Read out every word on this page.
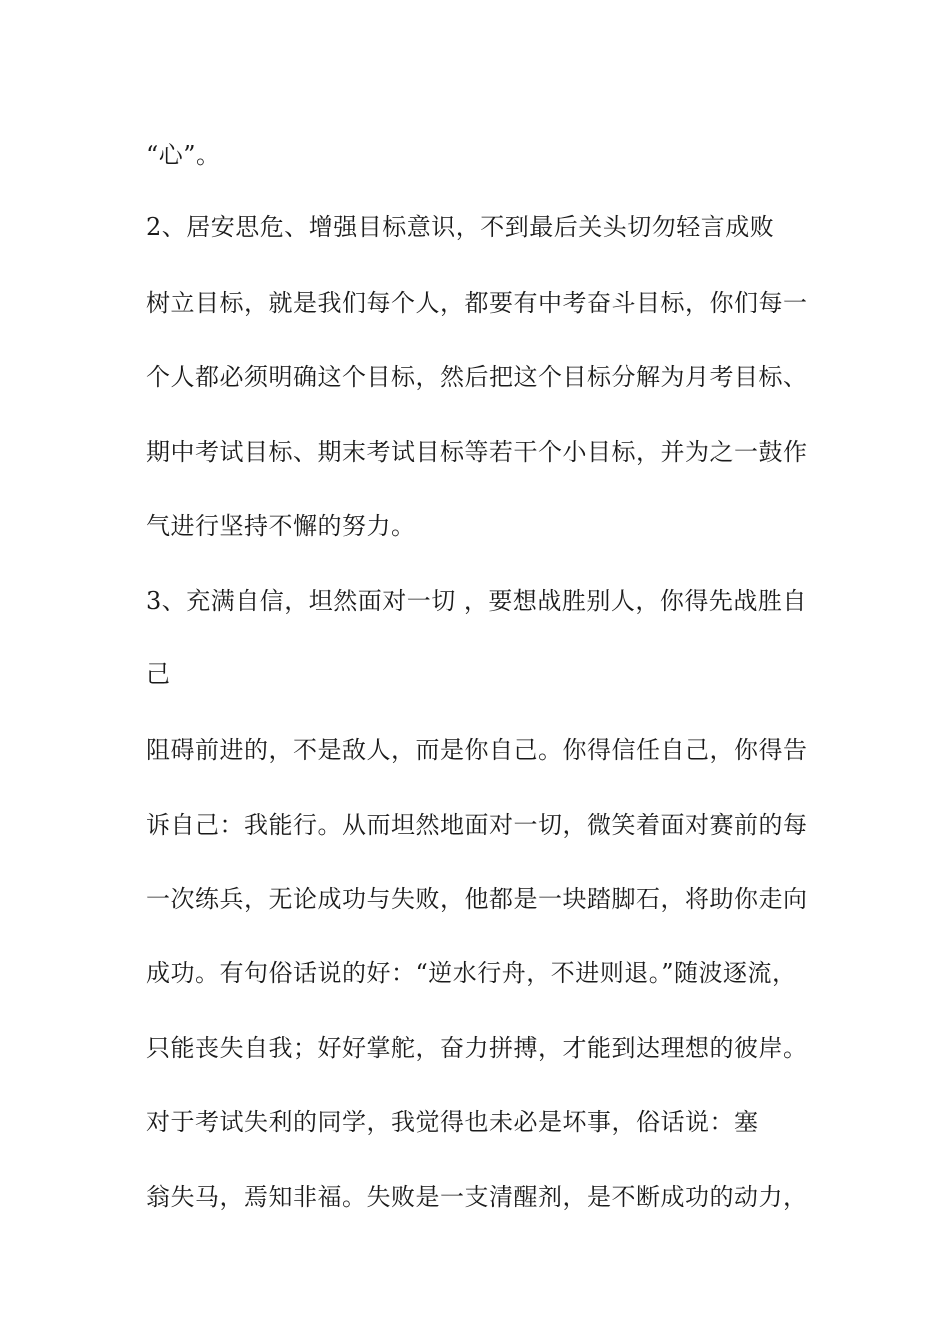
“心”。
2、居安思危、增强目标意识，不到最后关头切勿轻言成败
树立目标，就是我们每个人，都要有中考奋斗目标，你们每一
个人都必须明确这个目标，然后把这个目标分解为月考目标、
期中考试目标、期末考试目标等若干个小目标，并为之一鼓作
气进行坚持不懈的努力。
3、充满自信，坦然面对一切 ，要想战胜别人，你得先战胜自
己
阻碍前进的，不是敌人，而是你自己。你得信任自己，你得告
诉自己：我能行。从而坦然地面对一切，微笑着面对赛前的每
一次练兵，无论成功与失败，他都是一块踏脚石，将助你走向
成功。有句俗话说的好：“逆水行舟，不进则退。”随波逐流，
只能丧失自我；好好掌舵，奋力拼搏，才能到达理想的彼岸。
对于考试失利的同学，我觉得也未必是坏事，俗话说：塞
翁失马，焉知非福。失败是一支清醒剂，是不断成功的动力，
